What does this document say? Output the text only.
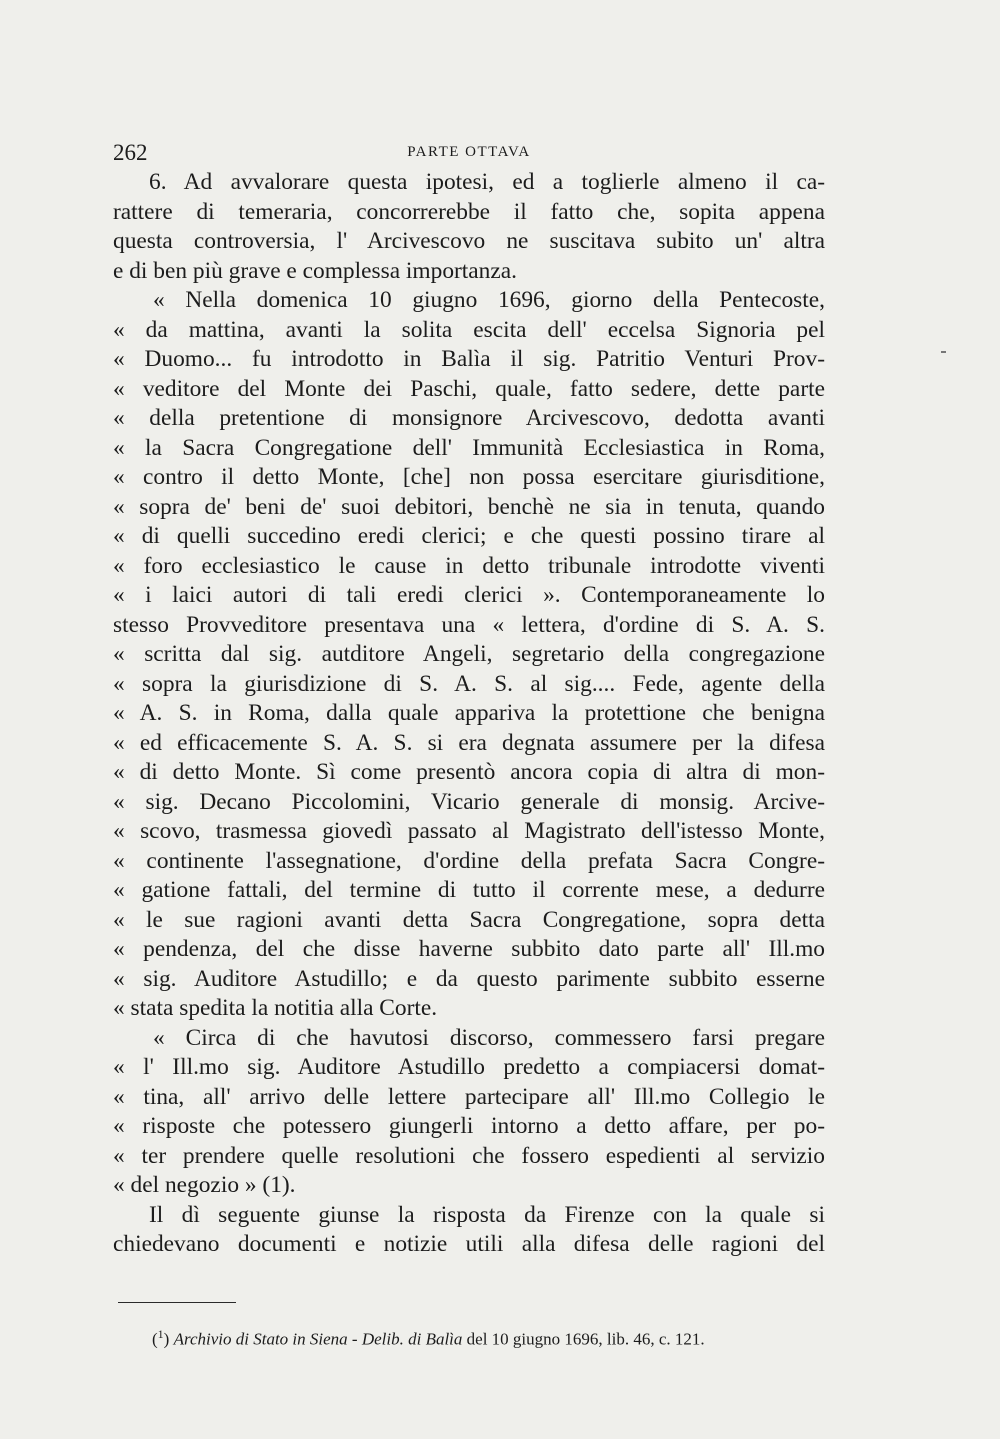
262	PARTE OTTAVA
6. Ad avvalorare questa ipotesi, ed a toglierle almeno il ca-
rattere di temeraria, concorrerebbe il fatto che, sopita appena
questa controversia, l' Arcivescovo ne suscitava subito un' altra
e di ben più grave e complessa importanza.
« Nella domenica 10 giugno 1696, giorno della Pentecoste,
« da mattina, avanti la solita escita dell' eccelsa Signoria pel
« Duomo... fu introdotto in Balìa il sig. Patritio Venturi Prov-
« veditore del Monte dei Paschi, quale, fatto sedere, dette parte
« della pretentione di monsignore Arcivescovo, dedotta avanti
« la Sacra Congregatione dell' Immunità Ecclesiastica in Roma,
« contro il detto Monte, [che] non possa esercitare giurisditione,
« sopra de' beni de' suoi debitori, benchè ne sia in tenuta, quando
« di quelli succedino eredi clerici; e che questi possino tirare al
« foro ecclesiastico le cause in detto tribunale introdotte viventi
« i laici autori di tali eredi clerici ». Contemporaneamente lo
stesso Provveditore presentava una « lettera, d'ordine di S. A. S.
« scritta dal sig. autditore Angeli, segretario della congregazione
« sopra la giurisdizione di S. A. S. al sig.... Fede, agente della
« A. S. in Roma, dalla quale appariva la protettione che benigna
« ed efficacemente S. A. S. si era degnata assumere per la difesa
« di detto Monte. Sì come presentò ancora copia di altra di mon-
« sig. Decano Piccolomini, Vicario generale di monsig. Arcive-
« scovo, trasmessa giovedì passato al Magistrato dell'istesso Monte,
« continente l'assegnatione, d'ordine della prefata Sacra Congre-
« gatione fattali, del termine di tutto il corrente mese, a dedurre
« le sue ragioni avanti detta Sacra Congregatione, sopra detta
« pendenza, del che disse haverne subbito dato parte all' Ill.mo
« sig. Auditore Astudillo; e da questo parimente subbito esserne
« stata spedita la notitia alla Corte.
« Circa di che havutosi discorso, commessero farsi pregare
« l' Ill.mo sig. Auditore Astudillo predetto a compiacersi domat-
« tina, all' arrivo delle lettere partecipare all' Ill.mo Collegio le
« risposte che potessero giungerli intorno a detto affare, per po-
« ter prendere quelle resolutioni che fossero espedienti al servizio
« del negozio » (1).
Il dì seguente giunse la risposta da Firenze con la quale si
chiedevano documenti e notizie utili alla difesa delle ragioni del
($^1$) Archivio di Stato in Siena - Delib. di Balìa del 10 giugno 1696, lib. 46, c. 121.
